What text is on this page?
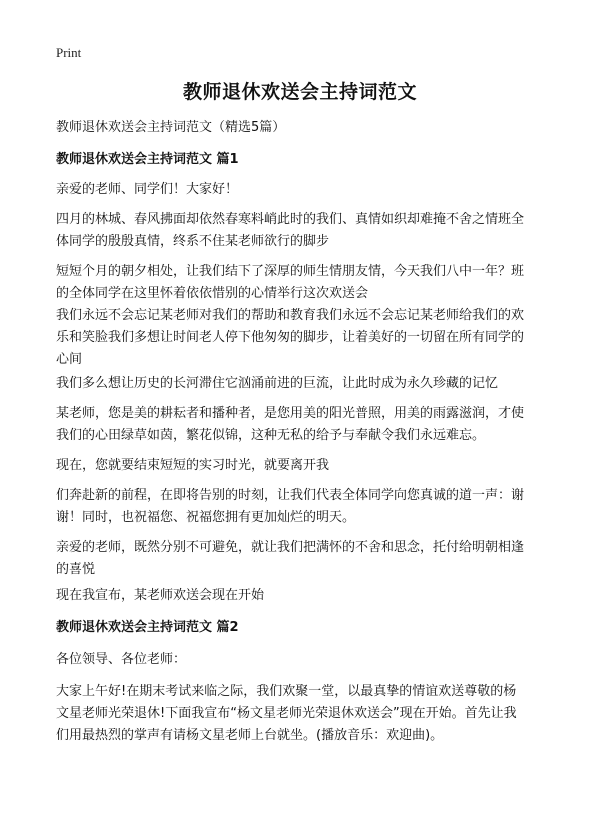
Print
教师退休欢送会主持词范文
教师退休欢送会主持词范文（精选5篇）
教师退休欢送会主持词范文 篇1
亲爱的老师、同学们！大家好！
四月的林城、春风拂面却依然春寒料峭此时的我们、真情如织却难掩不舍之情班全
体同学的殷殷真情，终系不住某老师欲行的脚步
短短个月的朝夕相处，让我们结下了深厚的师生情朋友情，今天我们八中一年？班
的全体同学在这里怀着依依惜别的心情举行这次欢送会
我们永远不会忘记某老师对我们的帮助和教育我们永远不会忘记某老师给我们的欢
乐和笑脸我们多想让时间老人停下他匆匆的脚步，让着美好的一切留在所有同学的
心间
我们多么想让历史的长河滞住它汹涌前进的巨流，让此时成为永久珍藏的记忆
某老师，您是美的耕耘者和播种者，是您用美的阳光普照，用美的雨露滋润，才使
我们的心田绿草如茵，繁花似锦，这种无私的给予与奉献令我们永远难忘。
现在，您就要结束短短的实习时光，就要离开我
们奔赴新的前程，在即将告别的时刻，让我们代表全体同学向您真诚的道一声：谢
谢！同时，也祝福您、祝福您拥有更加灿烂的明天。
亲爱的老师，既然分别不可避免，就让我们把满怀的不舍和思念，托付给明朝相逢
的喜悦
现在我宣布，某老师欢送会现在开始
教师退休欢送会主持词范文 篇2
各位领导、各位老师：
大家上午好!在期末考试来临之际，我们欢聚一堂，以最真挚的情谊欢送尊敬的杨
文星老师光荣退休!下面我宣布“杨文星老师光荣退休欢送会”现在开始。首先让我
们用最热烈的掌声有请杨文星老师上台就坐。(播放音乐：欢迎曲)。
